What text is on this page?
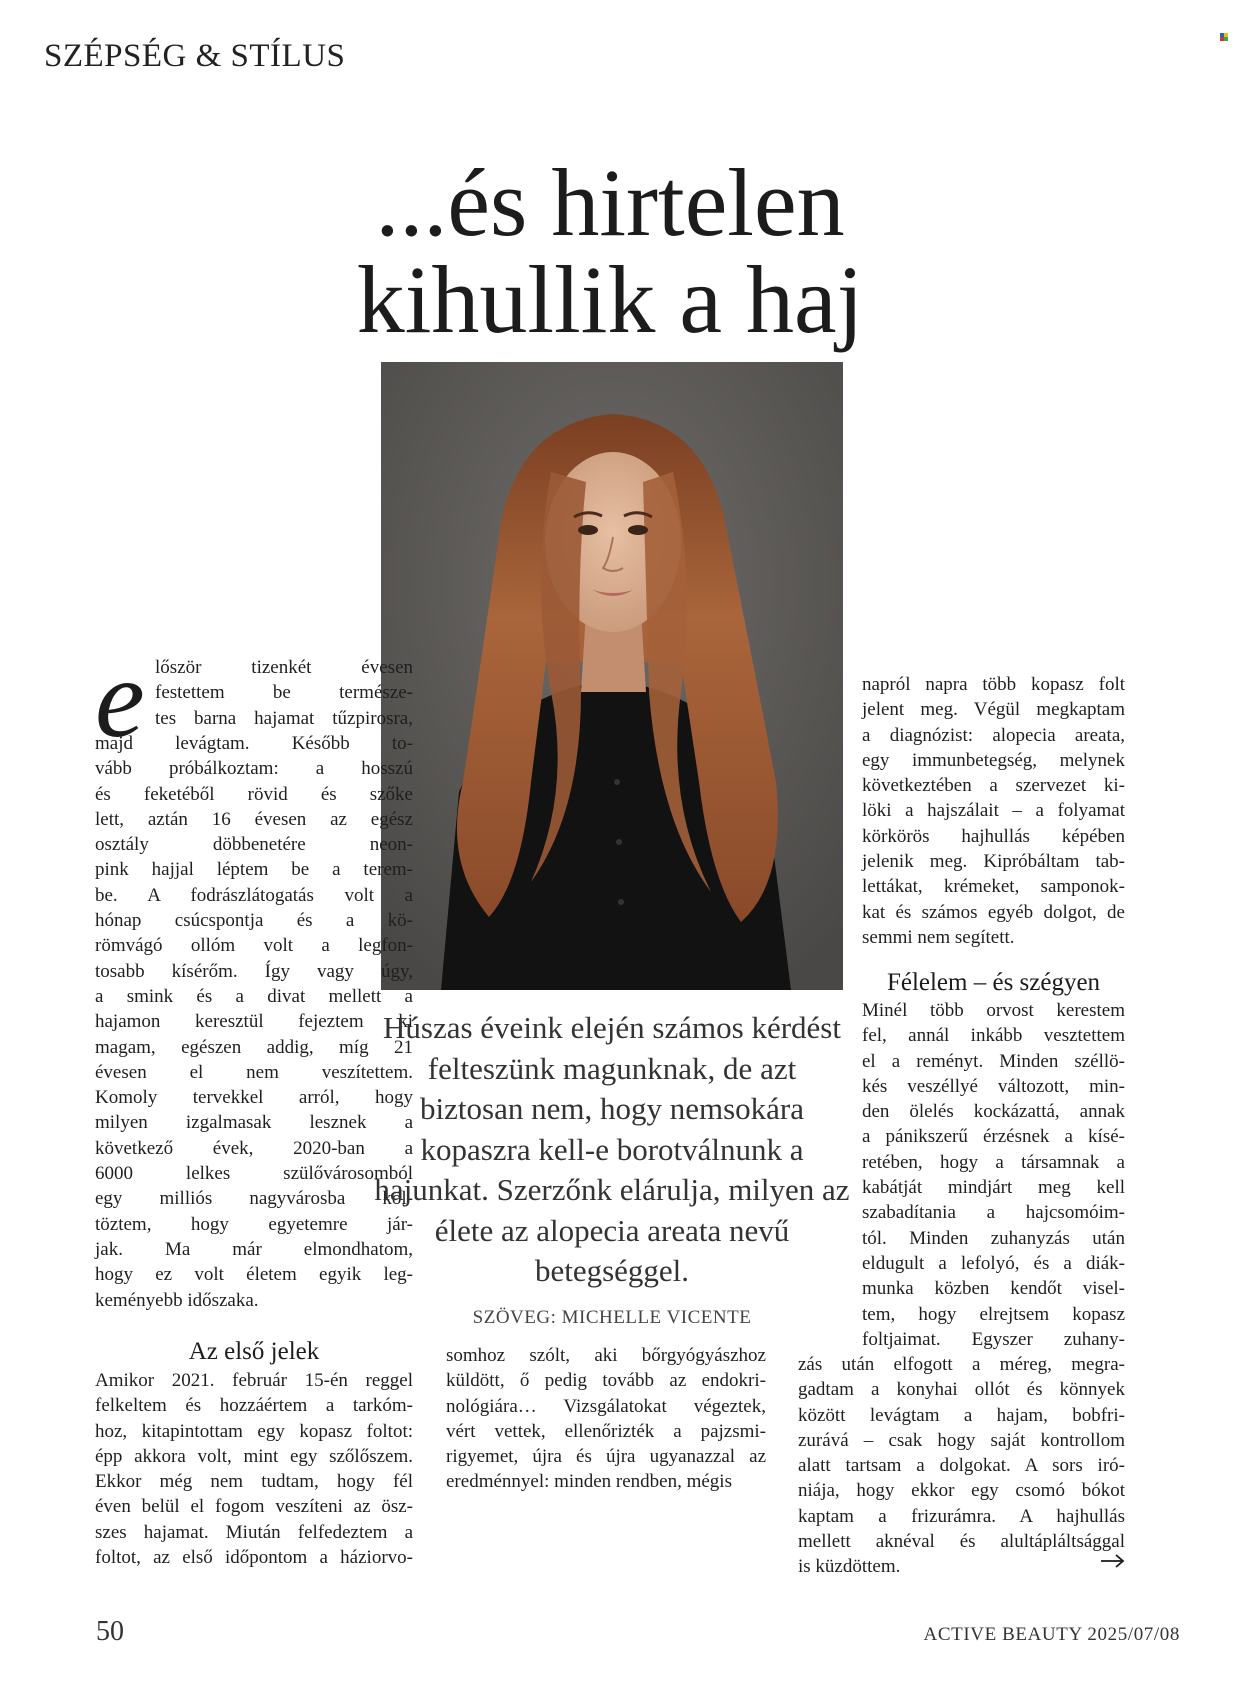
SZÉPSÉG & STÍLUS
...és hirtelen
kihullik a haj
e lőször tizenkét évesen

festettem be természe-

tes barna hajamat tűzpirosra,

majd levágtam. Később to-

vább próbálkoztam: a hosszú

és feketéből rövid és szőke

lett, aztán 16 évesen az egész

osztály döbbenetére neon-

pink hajjal léptem be a terem-

be. A fodrászlátogatás volt a

hónap csúcspontja és a kö-

römvágó ollóm volt a legfon-

tosabb kísérőm. Így vagy úgy,

a smink és a divat mellett a

hajamon keresztül fejeztem ki

magam, egészen addig, míg 21

évesen el nem veszítettem.

Komoly tervekkel arról, hogy

milyen izgalmasak lesznek a

következő évek, 2020-ban a

6000 lelkes szülővárosomból

egy milliós nagyvárosba köl-

töztem, hogy egyetemre jár-

jak. Ma már elmondhatom,

hogy ez volt életem egyik leg-

keményebb időszaka.

Az első jelek

Amikor 2021. február 15-én reggel

felkeltem és hozzáértem a tarkóm-

hoz, kitapintottam egy kopasz foltot:

épp akkora volt, mint egy szőlőszem.

Ekkor még nem tudtam, hogy fél

éven belül el fogom veszíteni az ösz-

szes hajamat. Miután felfedeztem a

foltot, az első időpontom a háziorvo-

somhoz szólt, aki bőrgyógyászhoz

küldött, ő pedig tovább az endokri-

nológiára… Vizsgálatokat végeztek,

vért vettek, ellenőrizték a pajzsmi-

rigyemet, újra és újra ugyanazzal az

eredménnyel: minden rendben, mégis

Húszas éveink elején számos kérdést felteszünk magunknak, de azt biztosan nem, hogy nemsokára kopaszra kell-e borotválnunk a hajunkat. Szerzőnk elárulja, milyen az élete az alopecia areata nevű betegséggel.
SZÖVEG: MICHELLE VICENTE

napról napra több kopasz folt

jelent meg. Végül megkaptam

a diagnózist: alopecia areata,

egy immunbetegség, melynek

következtében a szervezet ki-

löki a hajszálait – a folyamat

körkörös hajhullás képében

jelenik meg. Kipróbáltam tab-

lettákat, krémeket, samponok-

kat és számos egyéb dolgot, de

semmi nem segített.

Félelem – és szégyen

Minél több orvost kerestem

fel, annál inkább vesztettem

el a reményt. Minden széllö-

kés veszéllyé változott, min-

den ölelés kockázattá, annak

a pánikszerű érzésnek a kísé-

retében, hogy a társamnak a

kabátját mindjárt meg kell

szabadítania a hajcsomóim-

tól. Minden zuhanyzás után

eldugult a lefolyó, és a diák-

munka közben kendőt visel-

tem, hogy elrejtsem kopasz

foltjaimat. Egyszer zuhany-

zás után elfogott a méreg, megra-

gadtam a konyhai ollót és könnyek

között levágtam a hajam, bobfri-

zurává – csak hogy saját kontrollom

alatt tartsam a dolgokat. A sors iró-

niája, hogy ekkor egy csomó bókot

kaptam a frizurámra. A hajhullás

mellett aknéval és alultápláltsággal

is küzdöttem.

50	ACTIVE BEAUTY 2025/07/08
